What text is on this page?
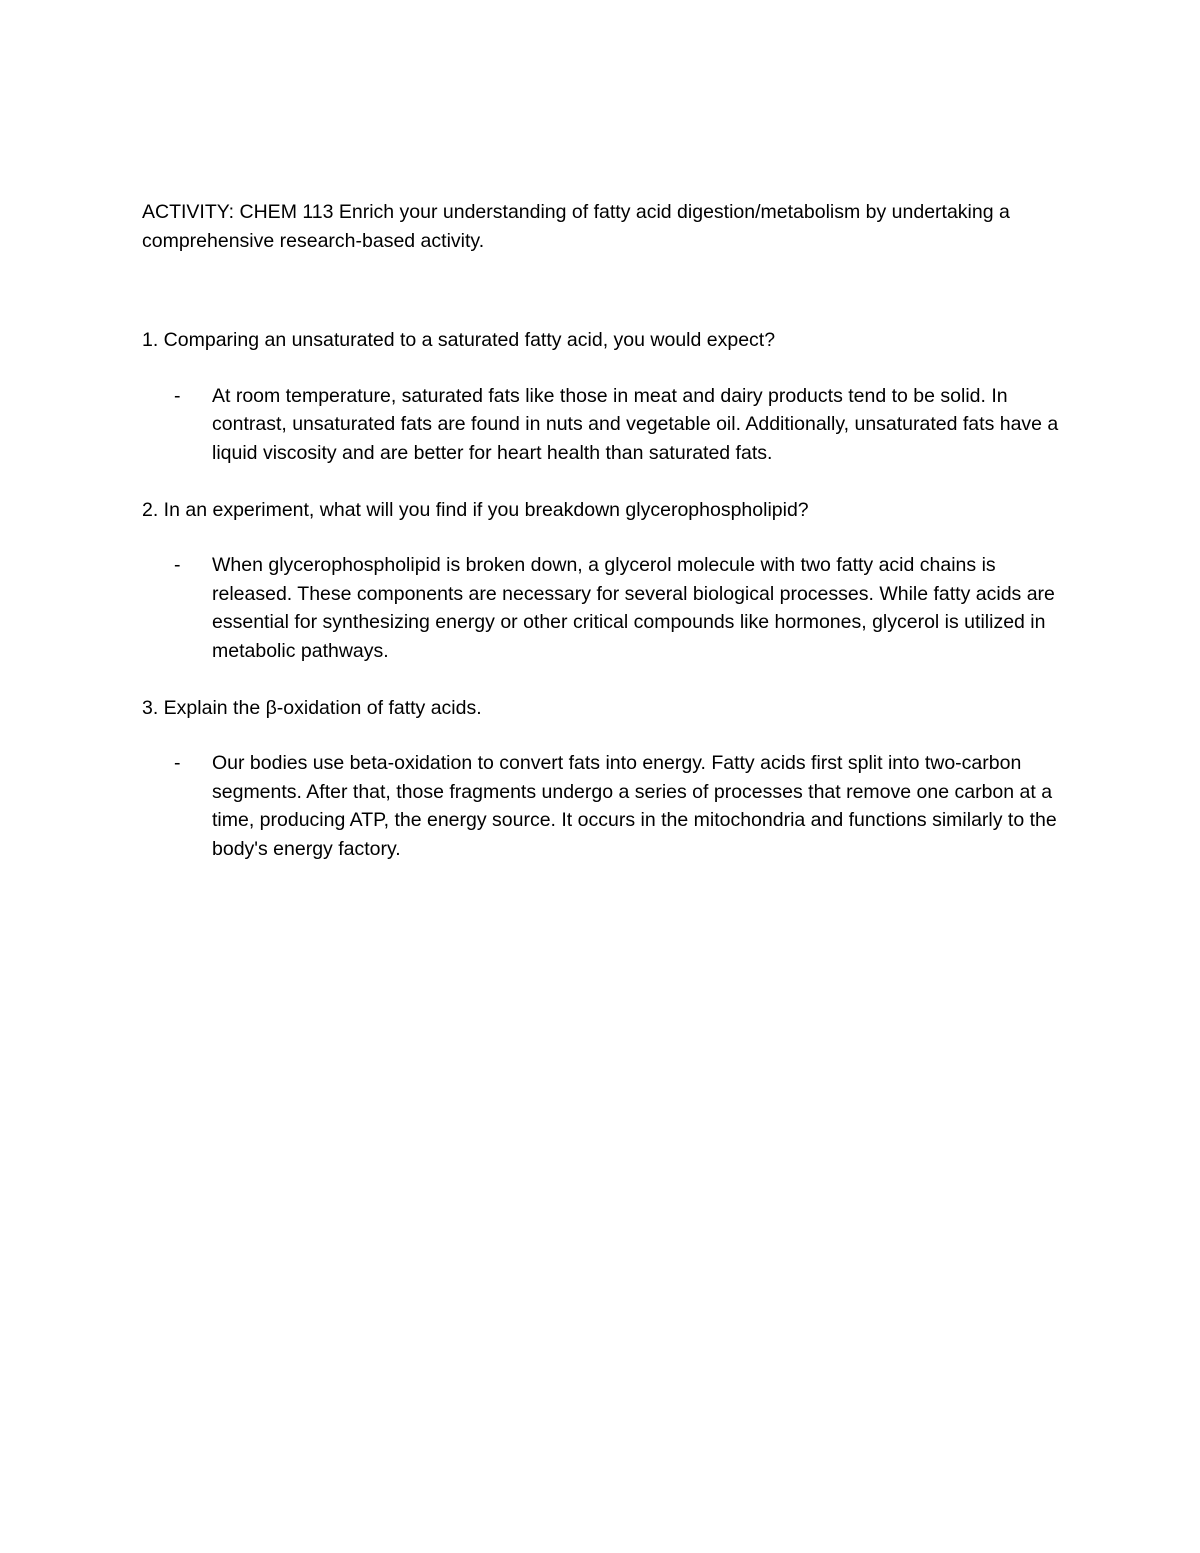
ACTIVITY: CHEM 113 Enrich your understanding of fatty acid digestion/metabolism by undertaking a comprehensive research-based activity.

1. Comparing an unsaturated to a saturated fatty acid, you would expect?

- At room temperature, saturated fats like those in meat and dairy products tend to be solid. In contrast, unsaturated fats are found in nuts and vegetable oil. Additionally, unsaturated fats have a liquid viscosity and are better for heart health than saturated fats.

2. In an experiment, what will you find if you breakdown glycerophospholipid?

- When glycerophospholipid is broken down, a glycerol molecule with two fatty acid chains is released. These components are necessary for several biological processes. While fatty acids are essential for synthesizing energy or other critical compounds like hormones, glycerol is utilized in metabolic pathways.

3. Explain the β-oxidation of fatty acids.

- Our bodies use beta-oxidation to convert fats into energy. Fatty acids first split into two-carbon segments. After that, those fragments undergo a series of processes that remove one carbon at a time, producing ATP, the energy source. It occurs in the mitochondria and functions similarly to the body's energy factory.
